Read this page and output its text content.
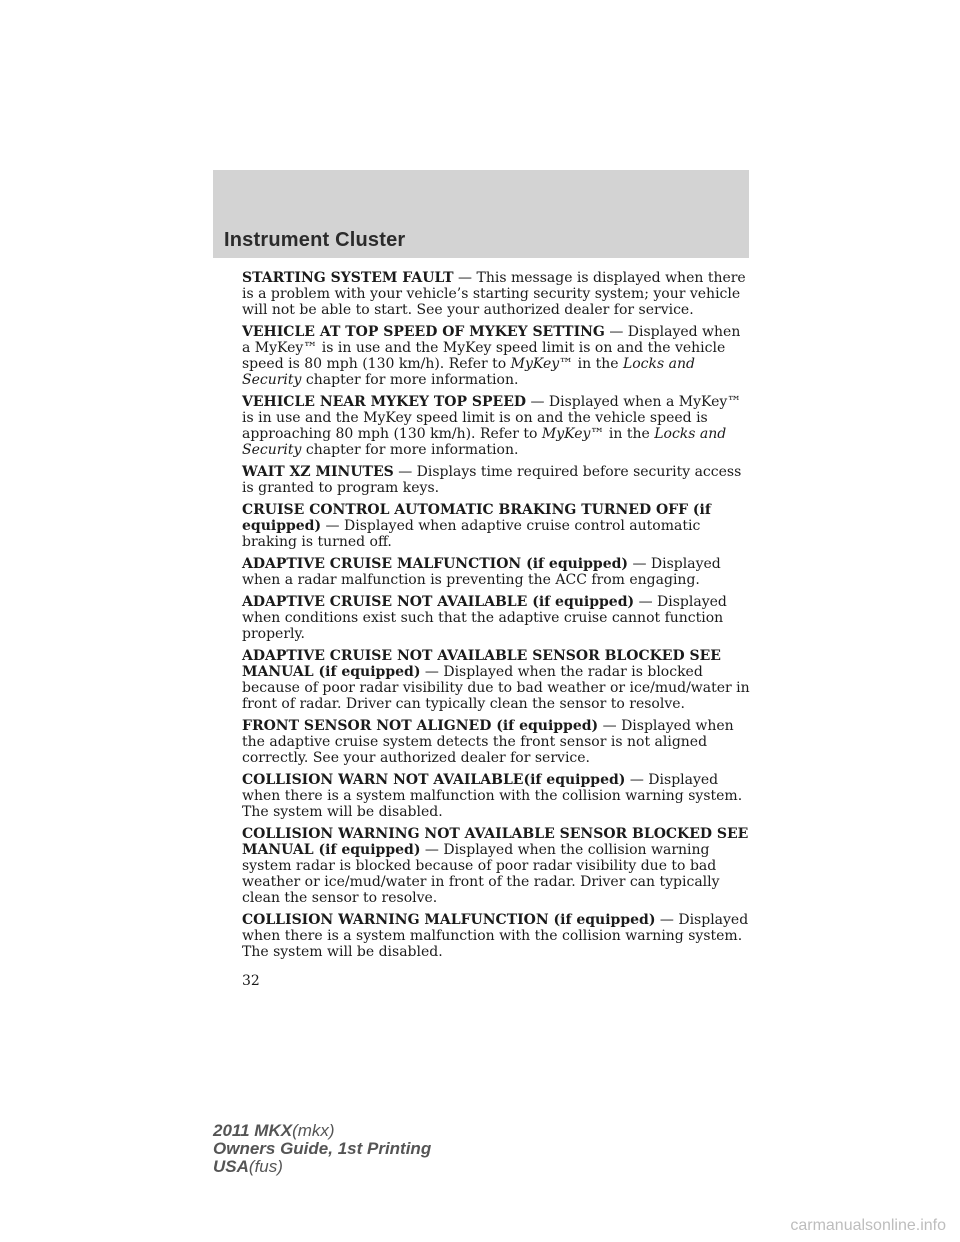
Instrument Cluster

STARTING SYSTEM FAULT — This message is displayed when there is a problem with your vehicle’s starting security system; your vehicle will not be able to start. See your authorized dealer for service.

VEHICLE AT TOP SPEED OF MYKEY SETTING — Displayed when a MyKey™ is in use and the MyKey speed limit is on and the vehicle speed is 80 mph (130 km/h). Refer to MyKey™ in the Locks and Security chapter for more information.

VEHICLE NEAR MYKEY TOP SPEED — Displayed when a MyKey™ is in use and the MyKey speed limit is on and the vehicle speed is approaching 80 mph (130 km/h). Refer to MyKey™ in the Locks and Security chapter for more information.

WAIT XZ MINUTES — Displays time required before security access is granted to program keys.

CRUISE CONTROL AUTOMATIC BRAKING TURNED OFF (if equipped) — Displayed when adaptive cruise control automatic braking is turned off.

ADAPTIVE CRUISE MALFUNCTION (if equipped) — Displayed when a radar malfunction is preventing the ACC from engaging.

ADAPTIVE CRUISE NOT AVAILABLE (if equipped) — Displayed when conditions exist such that the adaptive cruise cannot function properly.

ADAPTIVE CRUISE NOT AVAILABLE SENSOR BLOCKED SEE MANUAL (if equipped) — Displayed when the radar is blocked because of poor radar visibility due to bad weather or ice/mud/water in front of radar. Driver can typically clean the sensor to resolve.

FRONT SENSOR NOT ALIGNED (if equipped) — Displayed when the adaptive cruise system detects the front sensor is not aligned correctly. See your authorized dealer for service.

COLLISION WARN NOT AVAILABLE(if equipped) — Displayed when there is a system malfunction with the collision warning system. The system will be disabled.

COLLISION WARNING NOT AVAILABLE SENSOR BLOCKED SEE MANUAL (if equipped) — Displayed when the collision warning system radar is blocked because of poor radar visibility due to bad weather or ice/mud/water in front of the radar. Driver can typically clean the sensor to resolve.

COLLISION WARNING MALFUNCTION (if equipped) — Displayed when there is a system malfunction with the collision warning system. The system will be disabled.

32
2011 MKX(mkx)
Owners Guide, 1st Printing
USA(fus)
carmanualsonline.info
